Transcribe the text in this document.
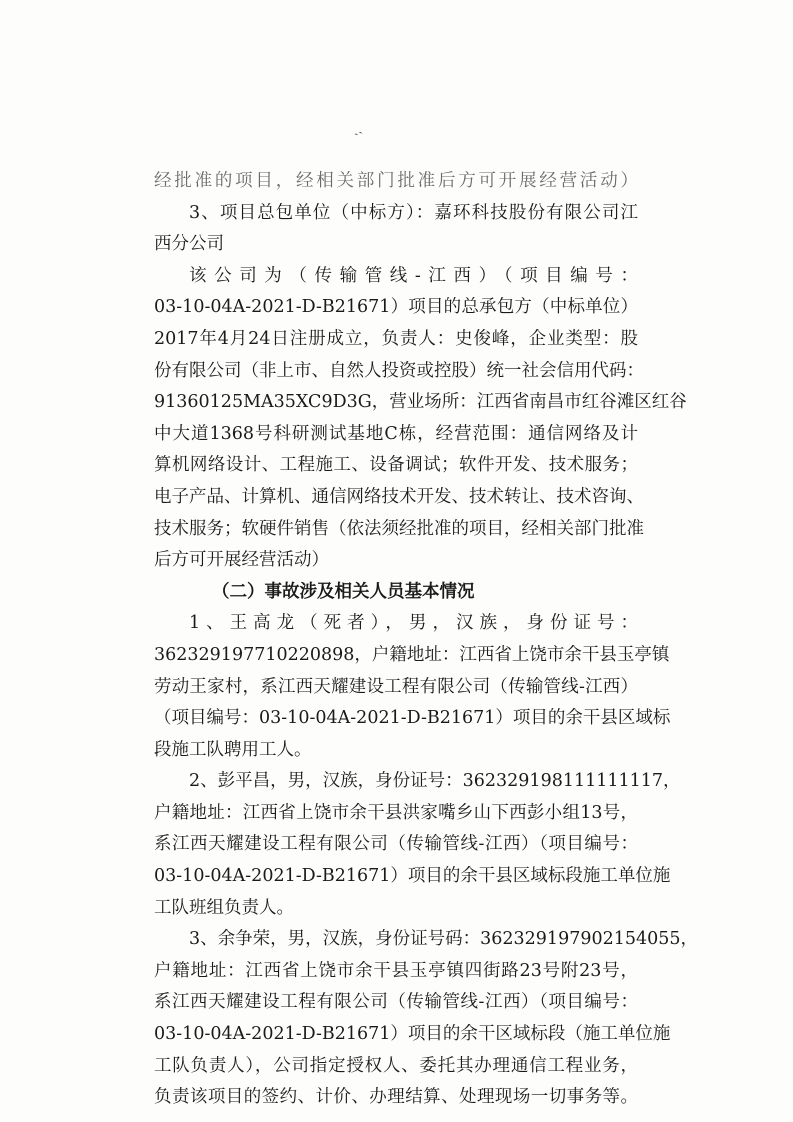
ˎˏ
经批准的项目，经相关部门批准后方可开展经营活动）
3、项目总包单位（中标方）：嘉环科技股份有限公司江
西分公司
该公司为（传输管线-江西）（项目编号：
03-10-04A-2021-D-B21671）项目的总承包方（中标单位）
2017年4月24日注册成立，负责人：史俊峰，企业类型：股
份有限公司（非上市、自然人投资或控股）统一社会信用代码：
91360125MA35XC9D3G，营业场所：江西省南昌市红谷滩区红谷
中大道1368号科研测试基地C栋，经营范围：通信网络及计
算机网络设计、工程施工、设备调试；软件开发、技术服务；
电子产品、计算机、通信网络技术开发、技术转让、技术咨询、
技术服务；软硬件销售（依法须经批准的项目，经相关部门批准
后方可开展经营活动）
（二）事故涉及相关人员基本情况
1、王高龙（死者），男，汉族，身份证号：
362329197710220898，户籍地址：江西省上饶市余干县玉亭镇
劳动王家村，系江西天耀建设工程有限公司（传输管线-江西）
（项目编号：03-10-04A-2021-D-B21671）项目的余干县区域标
段施工队聘用工人。
2、彭平昌，男，汉族，身份证号：362329198111111117，
户籍地址：江西省上饶市余干县洪家嘴乡山下西彭小组13号，
系江西天耀建设工程有限公司（传输管线-江西）（项目编号：
03-10-04A-2021-D-B21671）项目的余干县区域标段施工单位施
工队班组负责人。
3、余争荣，男，汉族，身份证号码：362329197902154055，
户籍地址：江西省上饶市余干县玉亭镇四街路23号附23号，
系江西天耀建设工程有限公司（传输管线-江西）（项目编号：
03-10-04A-2021-D-B21671）项目的余干区域标段（施工单位施
工队负责人），公司指定授权人、委托其办理通信工程业务，
负责该项目的签约、计价、办理结算、处理现场一切事务等。
